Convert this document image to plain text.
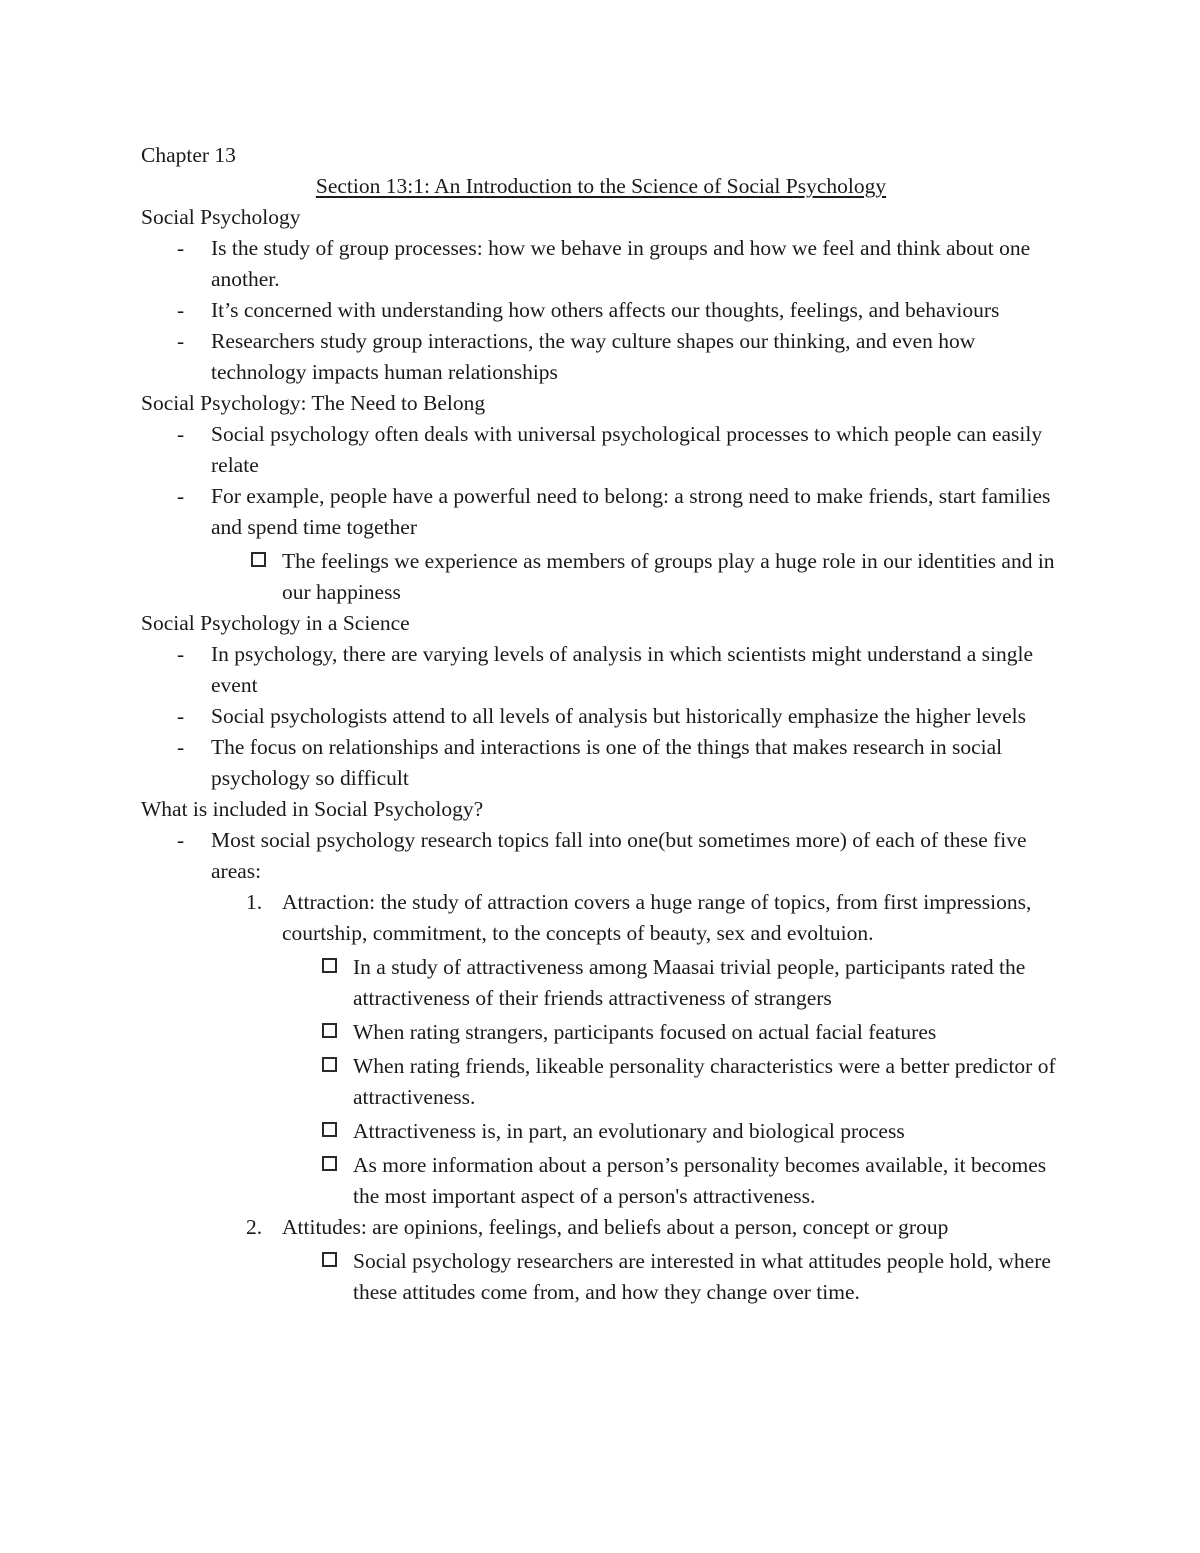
Chapter 13
Section 13:1: An Introduction to the Science of Social Psychology
Social Psychology
- Is the study of group processes: how we behave in groups and how we feel and think about one another.
- It’s concerned with understanding how others affects our thoughts, feelings, and behaviours
- Researchers study group interactions, the way culture shapes our thinking, and even how technology impacts human relationships
Social Psychology: The Need to Belong
- Social psychology often deals with universal psychological processes to which people can easily relate
- For example, people have a powerful need to belong: a strong need to make friends, start families and spend time together
The feelings we experience as members of groups play a huge role in our identities and in our happiness
Social Psychology in a Science
- In psychology, there are varying levels of analysis in which scientists might understand a single event
- Social psychologists attend to all levels of analysis but historically emphasize the higher levels
- The focus on relationships and interactions is one of the things that makes research in social psychology so difficult
What is included in Social Psychology?
- Most social psychology research topics fall into one(but sometimes more) of each of these five areas:
1. Attraction: the study of attraction covers a huge range of topics, from first impressions, courtship, commitment, to the concepts of beauty, sex and evoltuion.
In a study of attractiveness among Maasai trivial people, participants rated the attractiveness of their friends attractiveness of strangers
When rating strangers, participants focused on actual facial features
When rating friends, likeable personality characteristics were a better predictor of attractiveness.
Attractiveness is, in part, an evolutionary and biological process
As more information about a person’s personality becomes available, it becomes the most important aspect of a person's attractiveness.
2. Attitudes: are opinions, feelings, and beliefs about a person, concept or group
Social psychology researchers are interested in what attitudes people hold, where these attitudes come from, and how they change over time.
